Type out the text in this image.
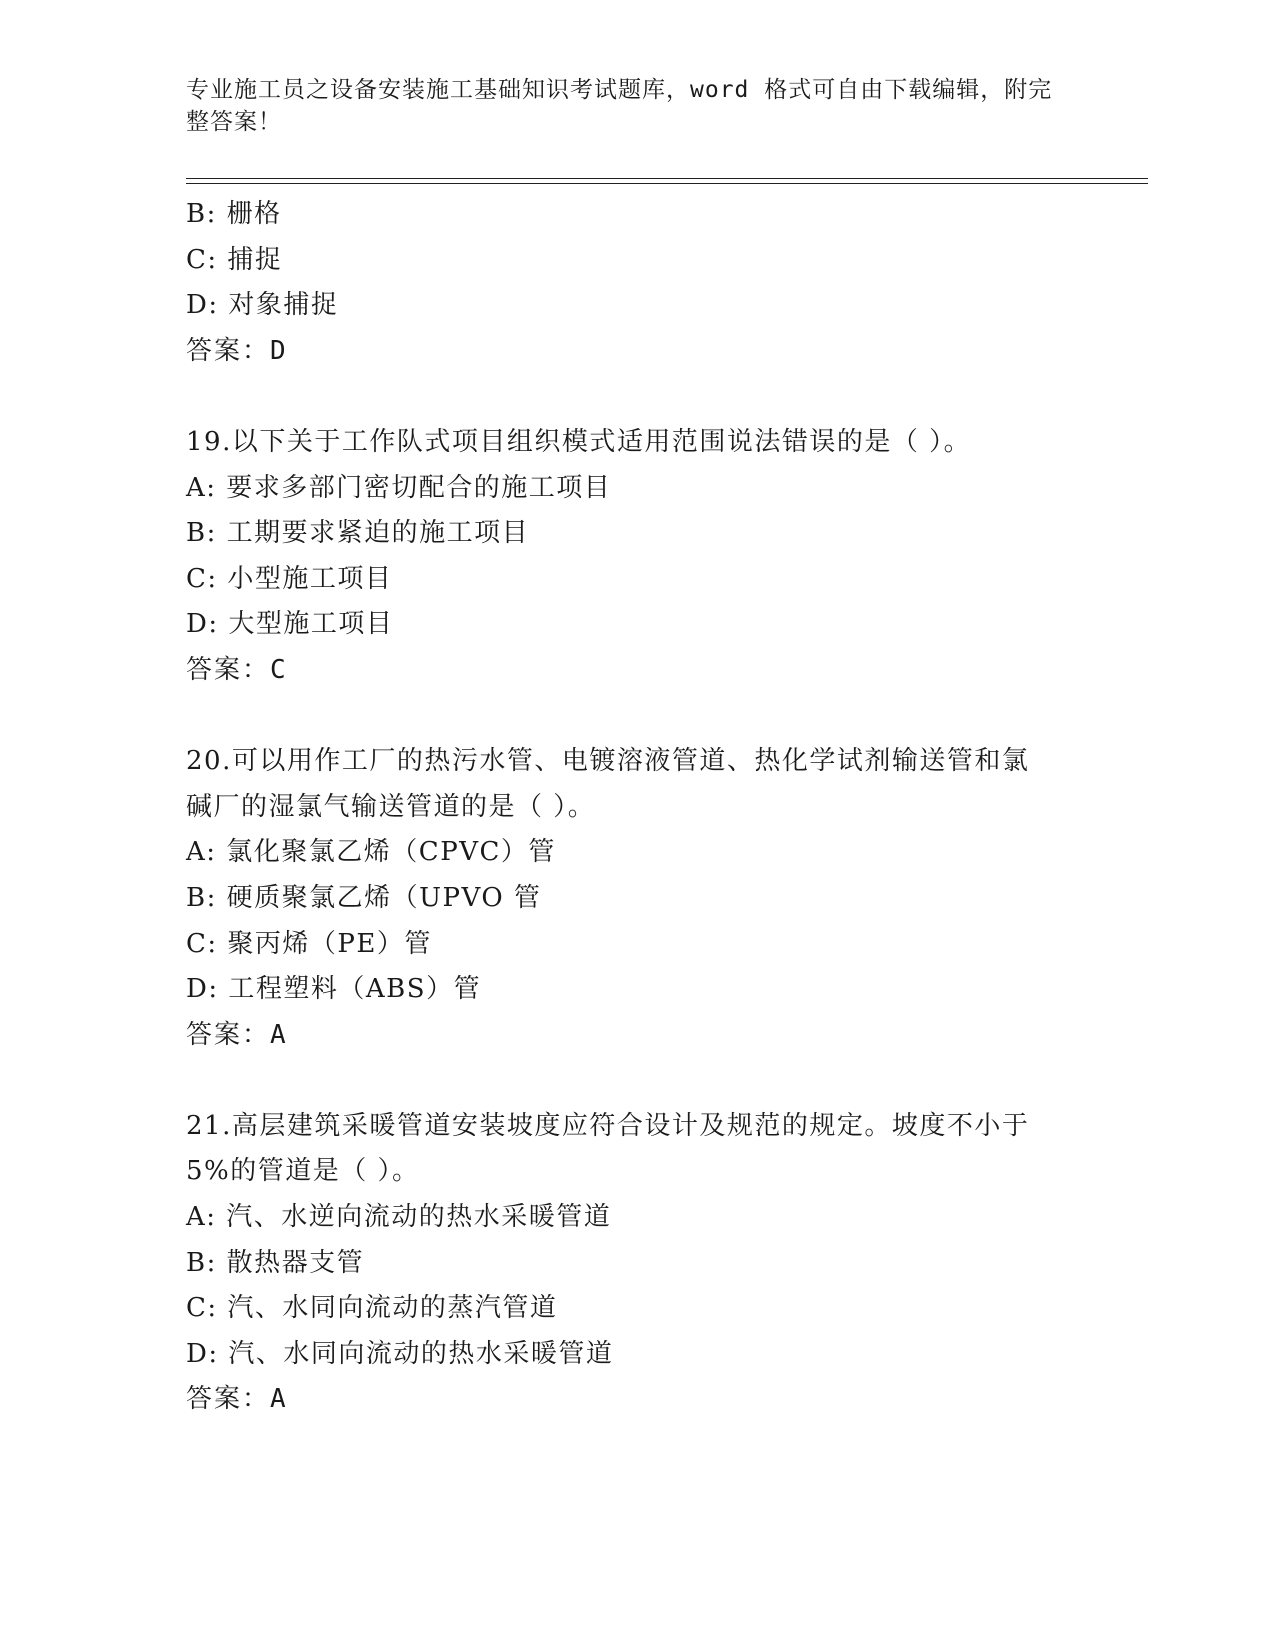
专业施工员之设备安装施工基础知识考试题库，word 格式可自由下载编辑，附完
整答案！
B: 栅格
C: 捕捉
D: 对象捕捉
答案：D
19.以下关于工作队式项目组织模式适用范围说法错误的是（ ）。
A: 要求多部门密切配合的施工项目
B: 工期要求紧迫的施工项目
C: 小型施工项目
D: 大型施工项目
答案：C
20.可以用作工厂的热污水管、电镀溶液管道、热化学试剂输送管和氯
碱厂的湿氯气输送管道的是（ ）。
A: 氯化聚氯乙烯（CPVC）管
B: 硬质聚氯乙烯（UPVO 管
C: 聚丙烯（PE）管
D: 工程塑料（ABS）管
答案：A
21.高层建筑采暖管道安装坡度应符合设计及规范的规定。坡度不小于
5%的管道是（ ）。
A: 汽、水逆向流动的热水采暖管道
B: 散热器支管
C: 汽、水同向流动的蒸汽管道
D: 汽、水同向流动的热水采暖管道
答案：A
